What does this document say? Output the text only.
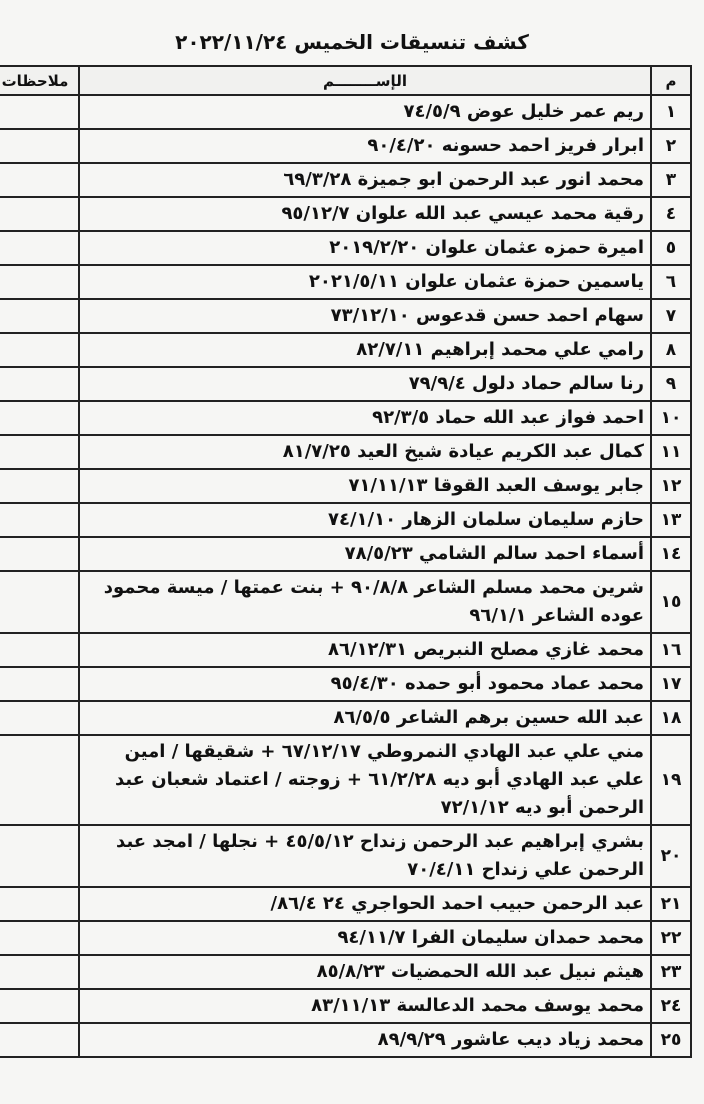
كشف تنسيقات الخميس ٢٠٢٢/١١/٢٤
م	الإســــــــم	ملاحظات
١	ريم عمر خليل عوض ٧٤/٥/٩	
٢	ابرار فريز احمد حسونه ٩٠/٤/٢٠	
٣	محمد انور عبد الرحمن ابو جميزة ٦٩/٣/٢٨	
٤	رقية محمد عيسي عبد الله علوان ٩٥/١٢/٧	
٥	اميرة حمزه عثمان علوان ٢٠١٩/٢/٢٠	
٦	ياسمين حمزة عثمان علوان ٢٠٢١/٥/١١	
٧	سهام احمد حسن قدعوس ٧٣/١٢/١٠	
٨	رامي علي محمد إبراهيم ٨٢/٧/١١	
٩	رنا سالم حماد دلول ٧٩/٩/٤	
١٠	احمد فواز عبد الله حماد ٩٢/٣/٥	
١١	كمال عبد الكريم عيادة شيخ العيد ٨١/٧/٢٥	
١٢	جابر يوسف العبد القوقا ٧١/١١/١٣	
١٣	حازم سليمان سلمان الزهار ٧٤/١/١٠	
١٤	أسماء احمد سالم الشامي ٧٨/٥/٢٣	
١٥	شرين محمد مسلم الشاعر ٩٠/٨/٨ + بنت عمتها / ميسة محمود عوده الشاعر ٩٦/١/١	
١٦	محمد غازي مصلح النبريص ٨٦/١٢/٣١	
١٧	محمد عماد محمود أبو حمده ٩٥/٤/٣٠	
١٨	عبد الله حسين برهم الشاعر ٨٦/٥/٥	
١٩	مني علي عبد الهادي النمروطي ٦٧/١٢/١٧ + شقيقها / امين علي عبد الهادي أبو ديه ٦١/٢/٢٨ + زوجته / اعتماد شعبان عبد الرحمن أبو ديه ٧٢/١/١٢	
٢٠	بشري إبراهيم عبد الرحمن زنداح ٤٥/٥/١٢ + نجلها / امجد عبد الرحمن علي زنداح ٧٠/٤/١١	
٢١	عبد الرحمن حبيب احمد الحواجري ٢٤ ٨٦/٤/	
٢٢	محمد حمدان سليمان الفرا ٩٤/١١/٧	
٢٣	هيثم نبيل عبد الله الحمضيات ٨٥/٨/٢٣	
٢٤	محمد يوسف محمد الدعالسة ٨٣/١١/١٣	
٢٥	محمد زياد ديب عاشور ٨٩/٩/٢٩	
